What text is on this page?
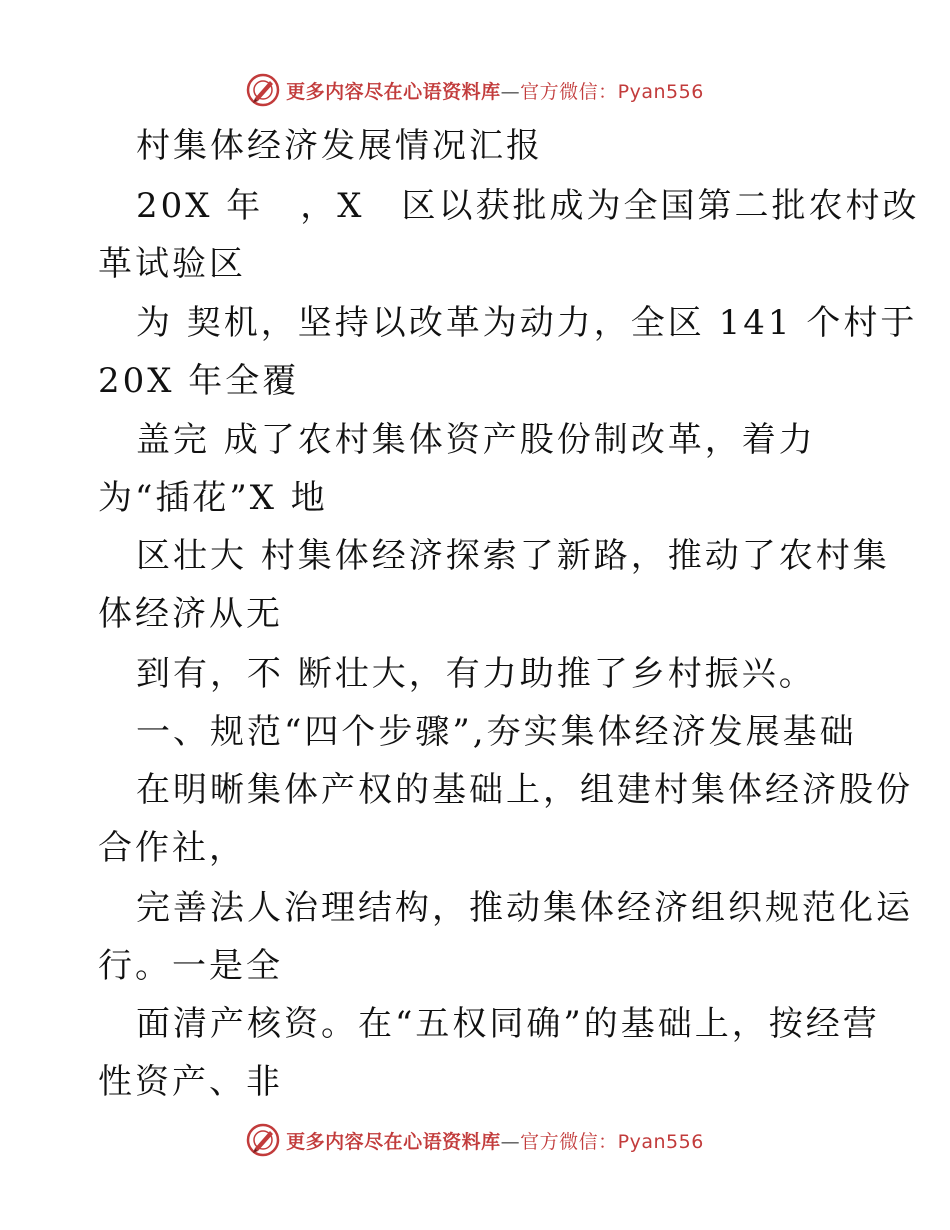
更多内容尽在心语资料库—官方微信：Pyan556
村集体经济发展情况汇报
20X 年　，X　区以获批成为全国第二批农村改
革试验区
为 契机，坚持以改革为动力，全区 141 个村于
20X 年全覆
盖完 成了农村集体资产股份制改革，着力
为“插花”X 地
区壮大 村集体经济探索了新路，推动了农村集
体经济从无
到有，不 断壮大，有力助推了乡村振兴。
一、规范“四个步骤”,夯实集体经济发展基础
在明晰集体产权的基础上，组建村集体经济股份
合作社，
完善法人治理结构，推动集体经济组织规范化运
行。一是全
面清产核资。在“五权同确”的基础上，按经营
性资产、非
更多内容尽在心语资料库—官方微信：Pyan556
